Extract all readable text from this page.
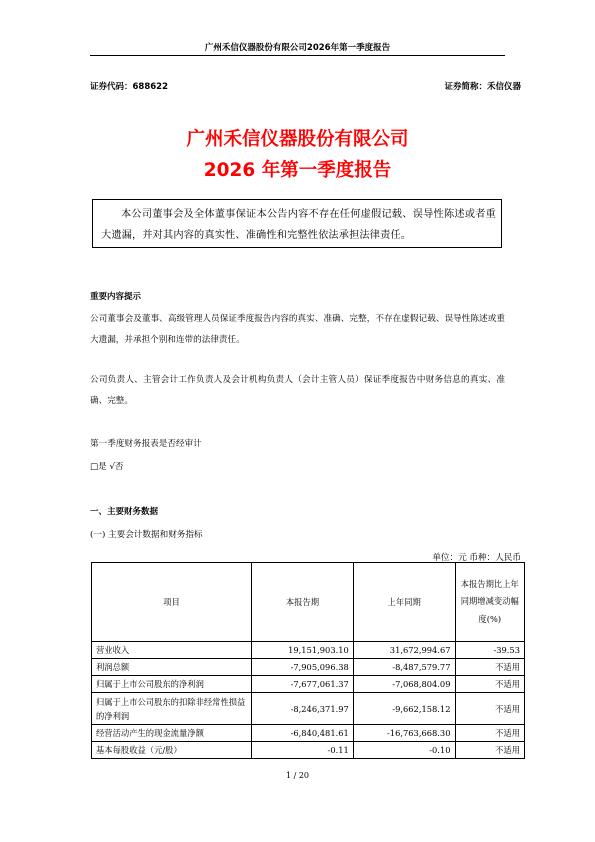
广州禾信仪器股份有限公司2026年第一季度报告
证券代码：688622	证券简称：禾信仪器
广州禾信仪器股份有限公司
2026 年第一季度报告
本公司董事会及全体董事保证本公告内容不存在任何虚假记载、误导性陈述或者重大遗漏，并对其内容的真实性、准确性和完整性依法承担法律责任。
重要内容提示
公司董事会及董事、高级管理人员保证季度报告内容的真实、准确、完整，不存在虚假记载、误导性陈述或重大遗漏，并承担个别和连带的法律责任。
公司负责人、主管会计工作负责人及会计机构负责人（会计主管人员）保证季度报告中财务信息的真实、准确、完整。
第一季度财务报表是否经审计
□是 √否
一、主要财务数据
(一) 主要会计数据和财务指标
单位：元 币种：人民币
项目	本报告期	上年同期	本报告期比上年同期增减变动幅度(%)
营业收入	19,151,903.10	31,672,994.67	-39.53
利润总额	-7,905,096.38	-8,487,579.77	不适用
归属于上市公司股东的净利润	-7,677,061.37	-7,068,804.09	不适用
归属于上市公司股东的扣除非经常性损益的净利润	-8,246,371.97	-9,662,158.12	不适用
经营活动产生的现金流量净额	-6,840,481.61	-16,763,668.30	不适用
基本每股收益（元/股）	-0.11	-0.10	不适用
1 / 20
